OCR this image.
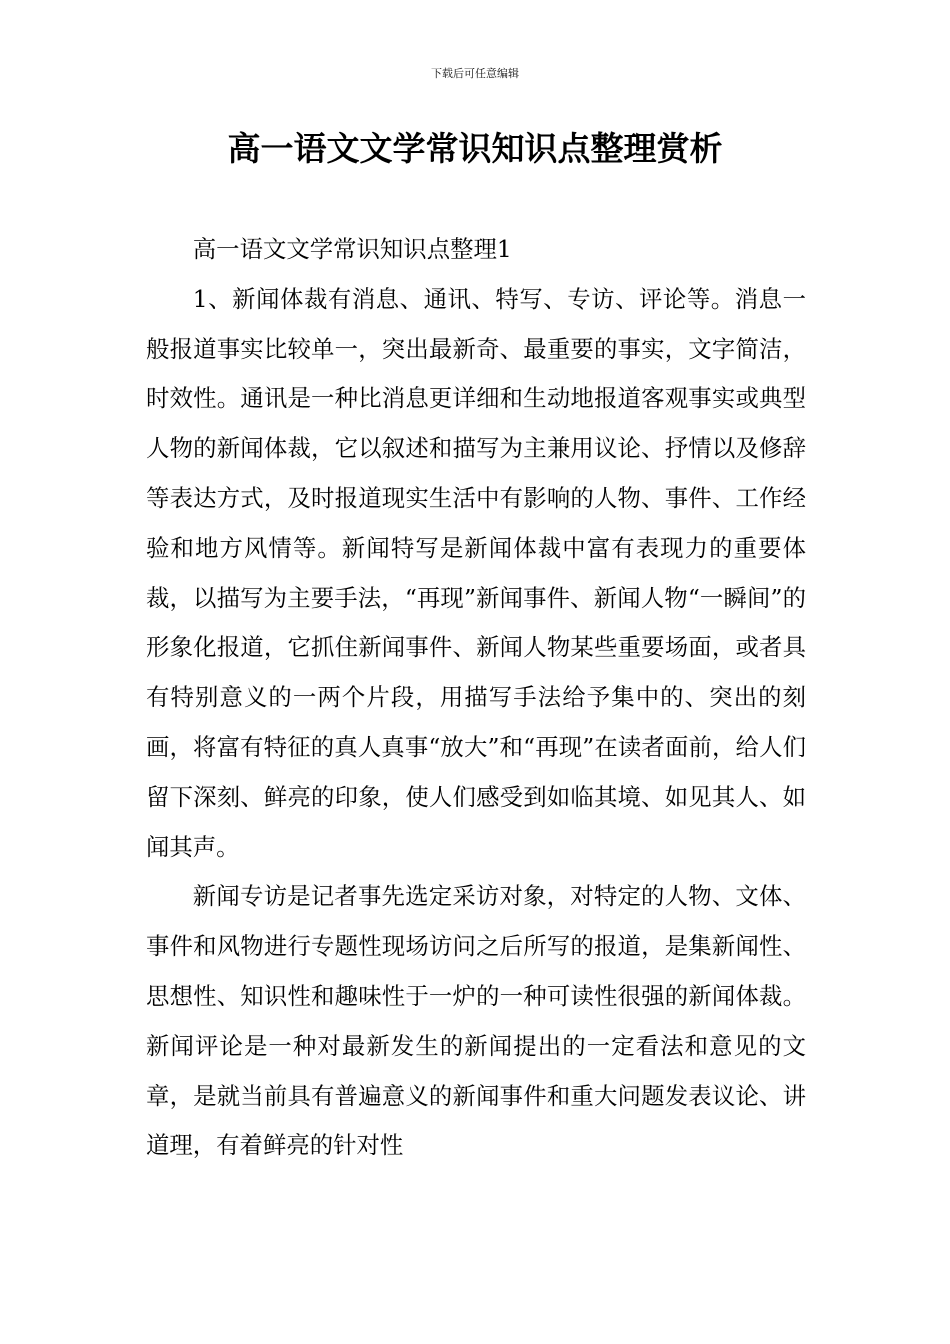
下载后可任意编辑
高一语文文学常识知识点整理赏析

高一语文文学常识知识点整理1

1、新闻体裁有消息、通讯、特写、专访、评论等。消息一般报道事实比较单一，突出最新奇、最重要的事实，文字简洁，时效性。通讯是一种比消息更详细和生动地报道客观事实或典型人物的新闻体裁，它以叙述和描写为主兼用议论、抒情以及修辞等表达方式，及时报道现实生活中有影响的人物、事件、工作经验和地方风情等。新闻特写是新闻体裁中富有表现力的重要体裁，以描写为主要手法，“再现”新闻事件、新闻人物“一瞬间”的形象化报道，它抓住新闻事件、新闻人物某些重要场面，或者具有特别意义的一两个片段，用描写手法给予集中的、突出的刻画，将富有特征的真人真事“放大”和“再现”在读者面前，给人们留下深刻、鲜亮的印象，使人们感受到如临其境、如见其人、如闻其声。

新闻专访是记者事先选定采访对象，对特定的人物、文体、事件和风物进行专题性现场访问之后所写的报道，是集新闻性、思想性、知识性和趣味性于一炉的一种可读性很强的新闻体裁。新闻评论是一种对最新发生的新闻提出的一定看法和意见的文章，是就当前具有普遍意义的新闻事件和重大问题发表议论、讲道理，有着鲜亮的针对性
